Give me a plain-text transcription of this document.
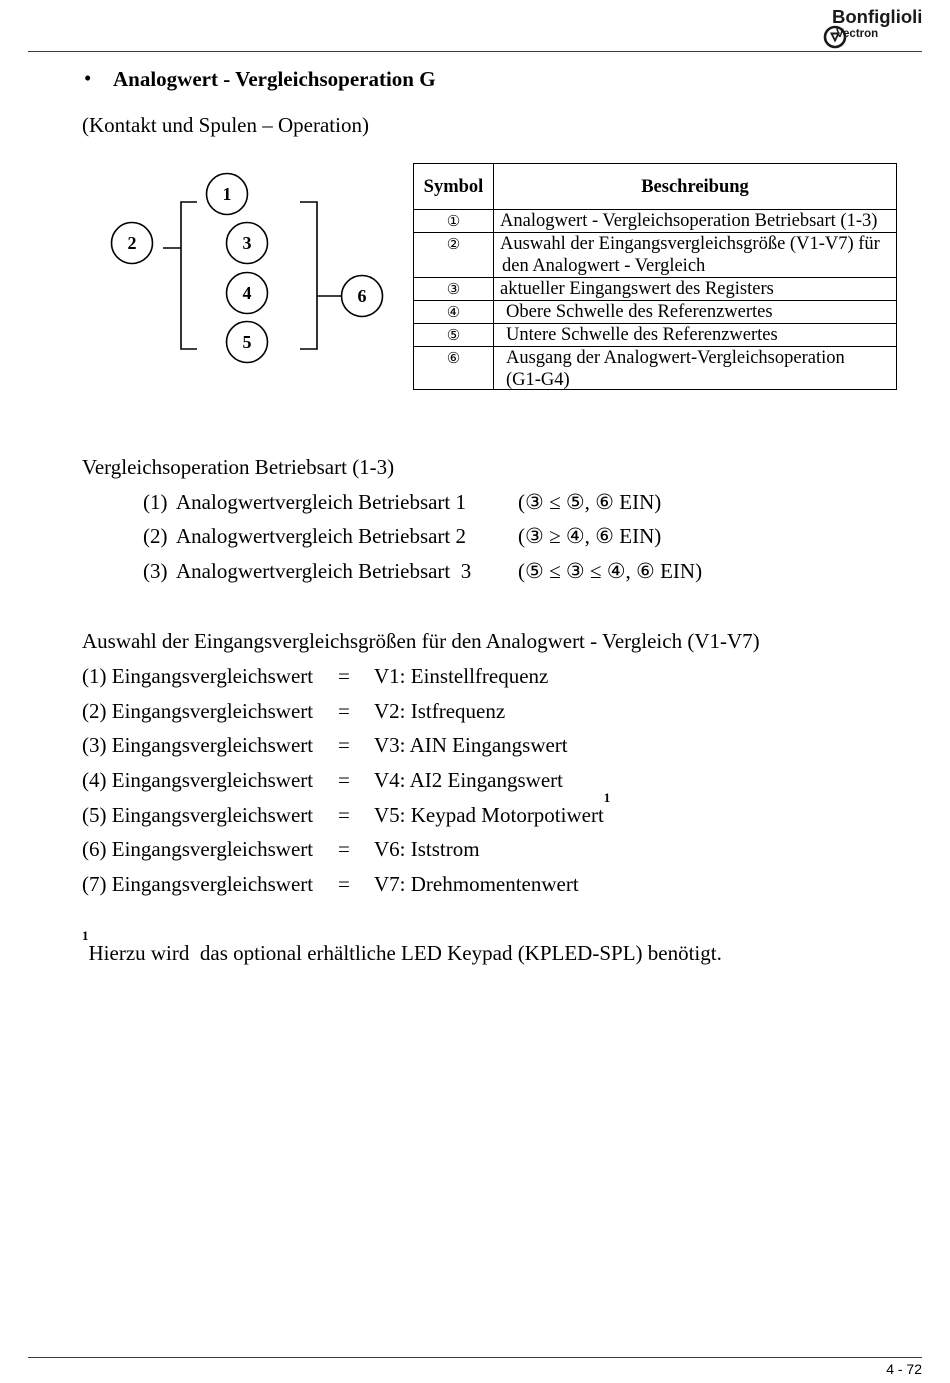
Bonfiglioli
Vectron
• Analogwert - Vergleichsoperation G
(Kontakt und Spulen – Operation)
1
2	3
4
5
6
Symbol	Beschreibung
①	Analogwert - Vergleichsoperation Betriebsart (1-3)
②	Auswahl der Eingangsvergleichsgröße (V1-V7) für
den Analogwert - Vergleich
③	aktueller Eingangswert des Registers
④	Obere Schwelle des Referenzwertes
⑤	Untere Schwelle des Referenzwertes
⑥	Ausgang der Analogwert-Vergleichsoperation
(G1-G4)
Vergleichsoperation Betriebsart (1-3)
(1) Analogwertvergleich Betriebsart 1 (③ ≤ ⑤, ⑥ EIN)
(2) Analogwertvergleich Betriebsart 2 (③ ≥ ④, ⑥ EIN)
(3) Analogwertvergleich Betriebsart  3 (⑤ ≤ ③ ≤ ④, ⑥ EIN)
Auswahl der Eingangsvergleichsgrößen für den Analogwert - Vergleich (V1-V7)
(1) Eingangsvergleichswert = V1: Einstellfrequenz
(2) Eingangsvergleichswert = V2: Istfrequenz
(3) Eingangsvergleichswert = V3: AIN Eingangswert
(4) Eingangsvergleichswert = V4: AI2 Eingangswert
(5) Eingangsvergleichswert = V5: Keypad Motorpotiwert$^1$
(6) Eingangsvergleichswert = V6: Iststrom
(7) Eingangsvergleichswert = V7: Drehmomentenwert
$^1$Hierzu wird  das optional erhältliche LED Keypad (KPLED-SPL) benötigt.
4 - 72
